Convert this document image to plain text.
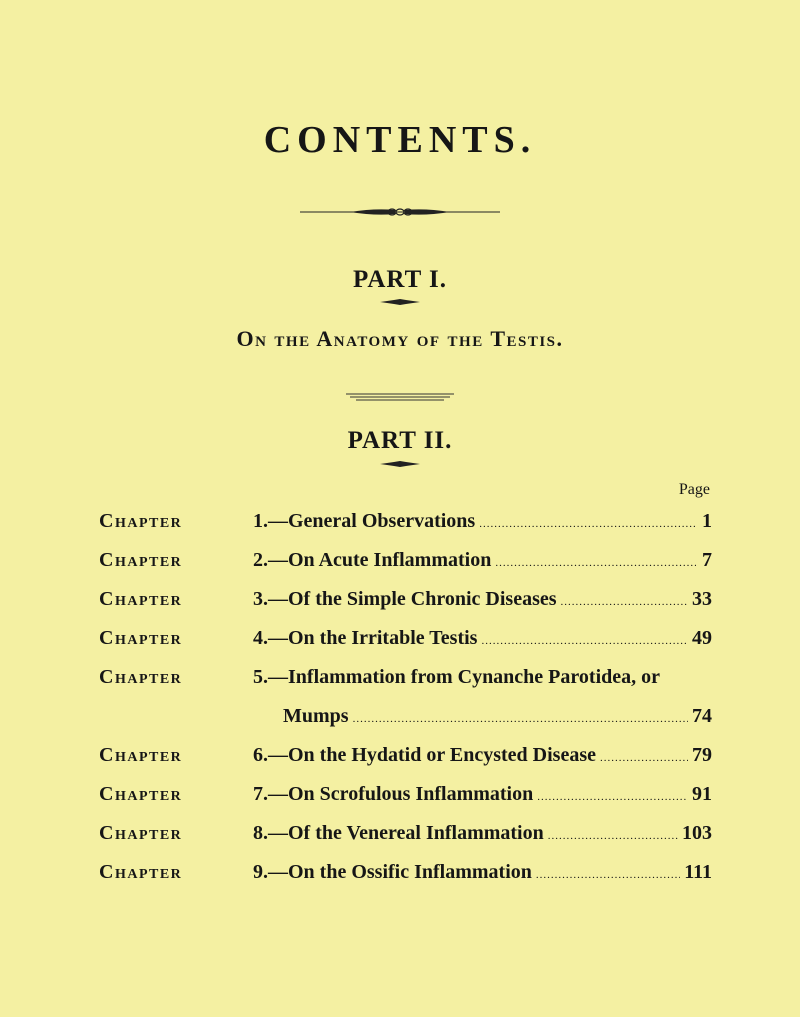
CONTENTS.
PART I.
On the Anatomy of the Testis.
PART II.
Page
Chapter	1.—General Observations .....	1
Chapter	2.—On Acute Inflammation .....	7
Chapter	3.—Of the Simple Chronic Diseases .....	33
Chapter	4.—On the Irritable Testis .....	49
Chapter	5.—Inflammation from Cynanche Parotidea, or
Mumps .....	74
Chapter	6.—On the Hydatid or Encysted Disease .....	79
Chapter	7.—On Scrofulous Inflammation .....	91
Chapter	8.—Of the Venereal Inflammation .....	103
Chapter	9.—On the Ossific Inflammation .....	111
